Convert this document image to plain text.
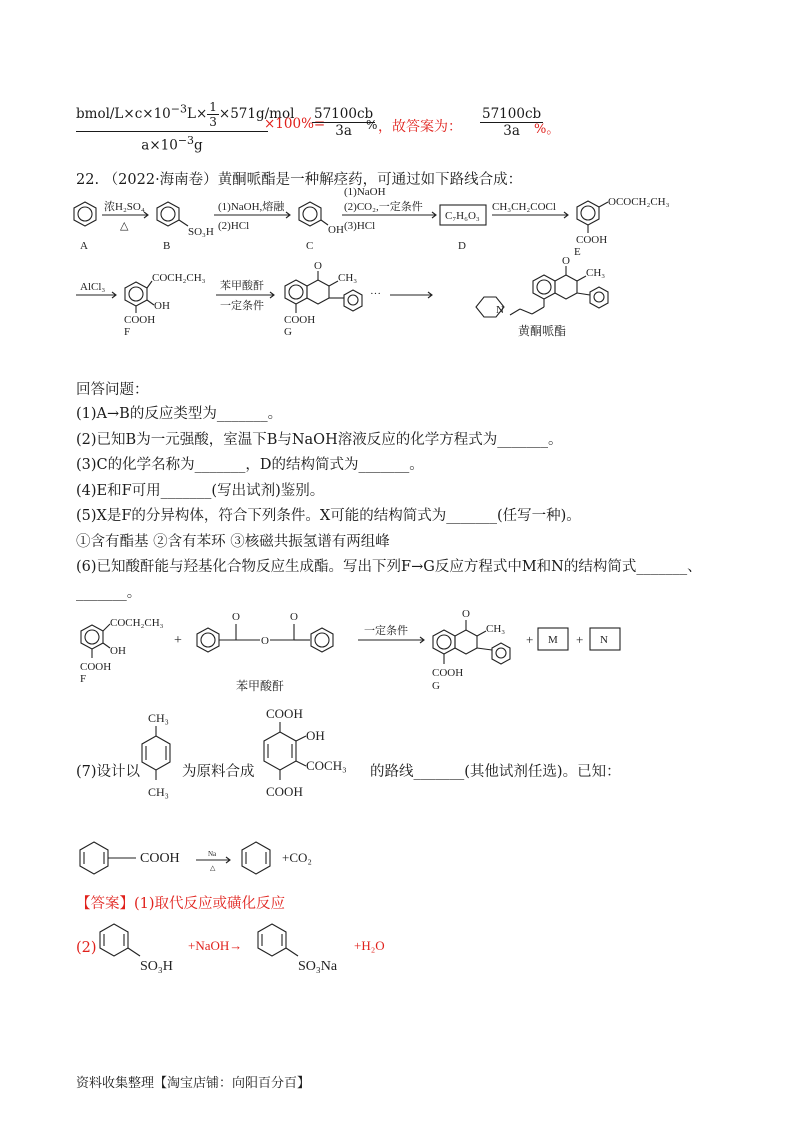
bmol/$L\times c\times 10^{-3}L\times \frac{1}{3} \times 571g/mol$
$a\times 10^{-3}g$
×100%=
$\frac{57100cb}{3a}$
% ，故答案为： $\frac{57100cb}{3a}$
%。
22. （2022·海南卷）黄酮哌酯是一种解痉药，可通过如下路线合成：
A
浓H₂SO₄
△
B
SO₃H
(1)NaOH,熔融
(2)HCl
C
OH
(1)NaOH
(2)CO₂,一定条件
(3)HCl
C₇H₆O₃
D
CH₃CH₂COCl	OCOCH₂CH₃
COOH
E
AlCl₃
COCH₂CH₃
OH
COOH
F
苯甲酸酐
一定条件
O
CH₃
COOH
G
···
O
CH₃
N
黄酮哌酯
回答问题：
(1)A→B的反应类型为_______。
(2)已知B为一元强酸，室温下B与NaOH溶液反应的化学方程式为_______。
(3)C的化学名称为_______，D的结构简式为_______。
(4)E和F可用_______(写出试剂)鉴别。
(5)X是F的分异构体，符合下列条件。X可能的结构简式为_______(任写一种)。
①含有酯基 ②含有苯环 ③核磁共振氢谱有两组峰
(6)已知酸酐能与羟基化合物反应生成酯。写出下列F→G反应方程式中M和N的结构简式_______、
_______。
COCH₂CH₃
OH
COOH
F
+
O
O
O
苯甲酸酐
一定条件
O
CH₃
COOH
G
+ M + N
(7)设计以
CH₃
CH₃
为原料合成
COOH
OH
COCH₃
COOH
的路线_______(其他试剂任选)。已知：
COOH	Na
△
+CO₂
【答案】(1)取代反应或磺化反应
(2)
SO₃H
+NaOH→
SO₃Na
+H₂O
资料收集整理【淘宝店铺：向阳百分百】
